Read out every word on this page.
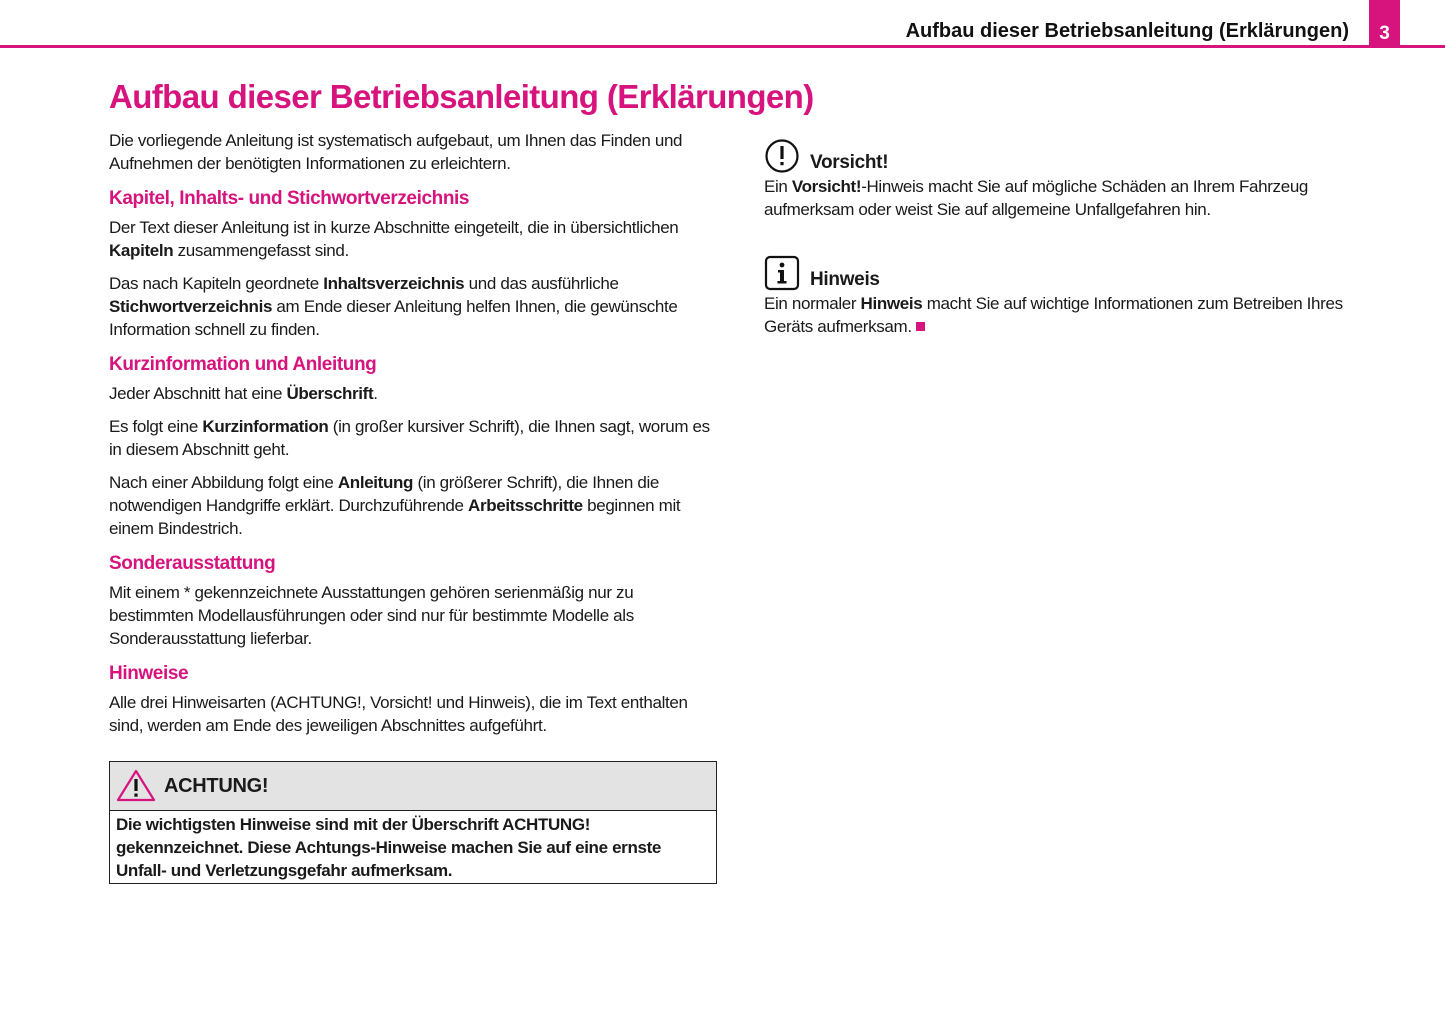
Aufbau dieser Betriebsanleitung (Erklärungen)	3
Aufbau dieser Betriebsanleitung (Erklärungen)

Die vorliegende Anleitung ist systematisch aufgebaut, um Ihnen das Finden und Aufnehmen der benötigten Informationen zu erleichtern.

Kapitel, Inhalts- und Stichwortverzeichnis

Der Text dieser Anleitung ist in kurze Abschnitte eingeteilt, die in übersichtlichen Kapiteln zusammengefasst sind.

Das nach Kapiteln geordnete Inhaltsverzeichnis und das ausführliche Stichwortverzeichnis am Ende dieser Anleitung helfen Ihnen, die gewünschte Information schnell zu finden.

Kurzinformation und Anleitung

Jeder Abschnitt hat eine Überschrift.

Es folgt eine Kurzinformation (in großer kursiver Schrift), die Ihnen sagt, worum es in diesem Abschnitt geht.

Nach einer Abbildung folgt eine Anleitung (in größerer Schrift), die Ihnen die notwendigen Handgriffe erklärt. Durchzuführende Arbeitsschritte beginnen mit einem Bindestrich.

Sonderausstattung

Mit einem * gekennzeichnete Ausstattungen gehören serienmäßig nur zu bestimmten Modellausführungen oder sind nur für bestimmte Modelle als Sonderausstattung lieferbar.

Hinweise

Alle drei Hinweisarten (ACHTUNG!, Vorsicht! und Hinweis), die im Text enthalten sind, werden am Ende des jeweiligen Abschnittes aufgeführt.

ACHTUNG!
Die wichtigsten Hinweise sind mit der Überschrift ACHTUNG! gekennzeichnet. Diese Achtungs-Hinweise machen Sie auf eine ernste Unfall- und Verletzungsgefahr aufmerksam.
Vorsicht!
Ein Vorsicht!-Hinweis macht Sie auf mögliche Schäden an Ihrem Fahrzeug aufmerksam oder weist Sie auf allgemeine Unfallgefahren hin.
Hinweis
Ein normaler Hinweis macht Sie auf wichtige Informationen zum Betreiben Ihres Geräts aufmerksam.
